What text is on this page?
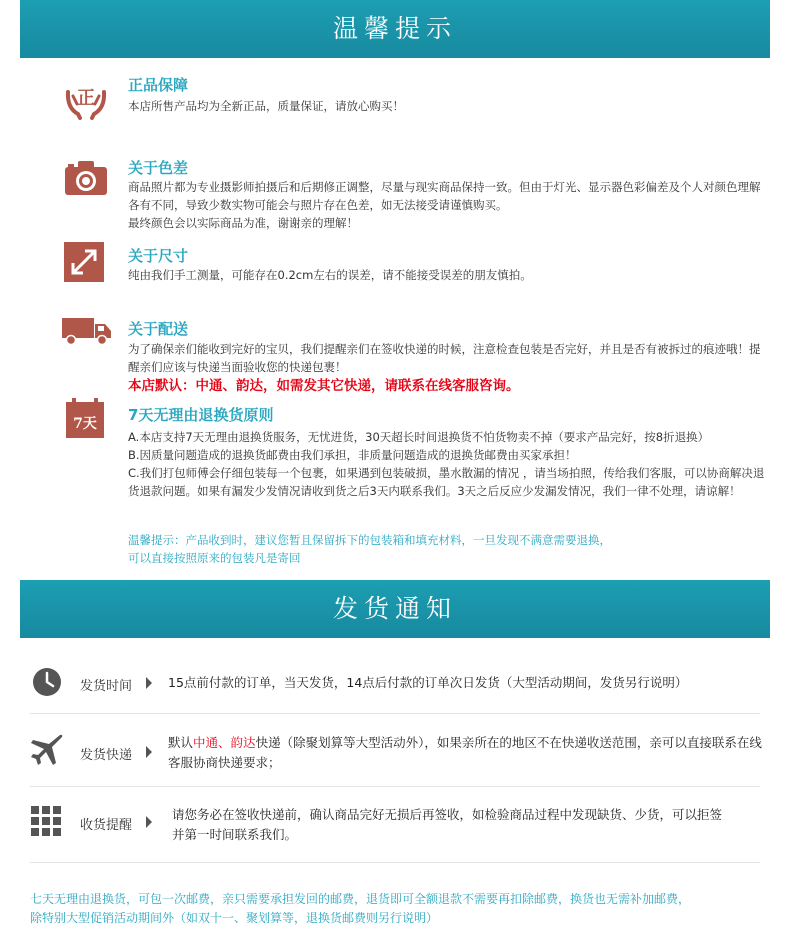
温馨提示
正
正品保障

本店所售产品均为全新正品，质量保证，请放心购买！

关于色差

商品照片都为专业摄影师拍摄后和后期修正调整，尽量与现实商品保持一致。但由于灯光、显示器色彩偏差及个人对颜色理解各有不同，导致少数实物可能会与照片存在色差，如无法接受请谨慎购买。

最终颜色会以实际商品为准，谢谢亲的理解！

关于尺寸

纯由我们手工测量，可能存在0.2cm左右的误差，请不能接受误差的朋友慎拍。

关于配送

为了确保亲们能收到完好的宝贝，我们提醒亲们在签收快递的时候，注意检查包装是否完好，并且是否有被拆过的痕迹哦！提醒亲们应该与快递当面验收您的快递包裹！

本店默认：中通、韵达，如需发其它快递，请联系在线客服咨询。
7天 7天无理由退换货原则

A.本店支持7天无理由退换货服务，无忧进货，30天超长时间退换货不怕货物卖不掉（要求产品完好，按8折退换）

B.因质量问题造成的退换货邮费由我们承担，非质量问题造成的退换货邮费由买家承担！

C.我们打包师傅会仔细包装每一个包裹，如果遇到包装破损，墨水散漏的情况 ，请当场拍照，传给我们客服，可以协商解决退货退款问题。如果有漏发少发情况请收到货之后3天内联系我们。3天之后反应少发漏发情况，我们一律不处理，请谅解！

温馨提示：产品收到时，建议您暂且保留拆下的包装箱和填充材料，一旦发现不满意需要退换，
可以直接按照原来的包装凡是寄回
发货通知
发货时间	15点前付款的订单，当天发货，14点后付款的订单次日发货（大型活动期间，发货另行说明）
发货快递
默认中通、韵达快递（除聚划算等大型活动外），如果亲所在的地区不在快递收送范围，亲可以直接联系在线客服协商快递要求；
收货提醒
请您务必在签收快递前，确认商品完好无损后再签收，如检验商品过程中发现缺货、少货，可以拒签并第一时间联系我们。
七天无理由退换货，可包一次邮费，亲只需要承担发回的邮费，退货即可全额退款不需要再扣除邮费，换货也无需补加邮费，
除特别大型促销活动期间外（如双十一、聚划算等，退换货邮费则另行说明）
